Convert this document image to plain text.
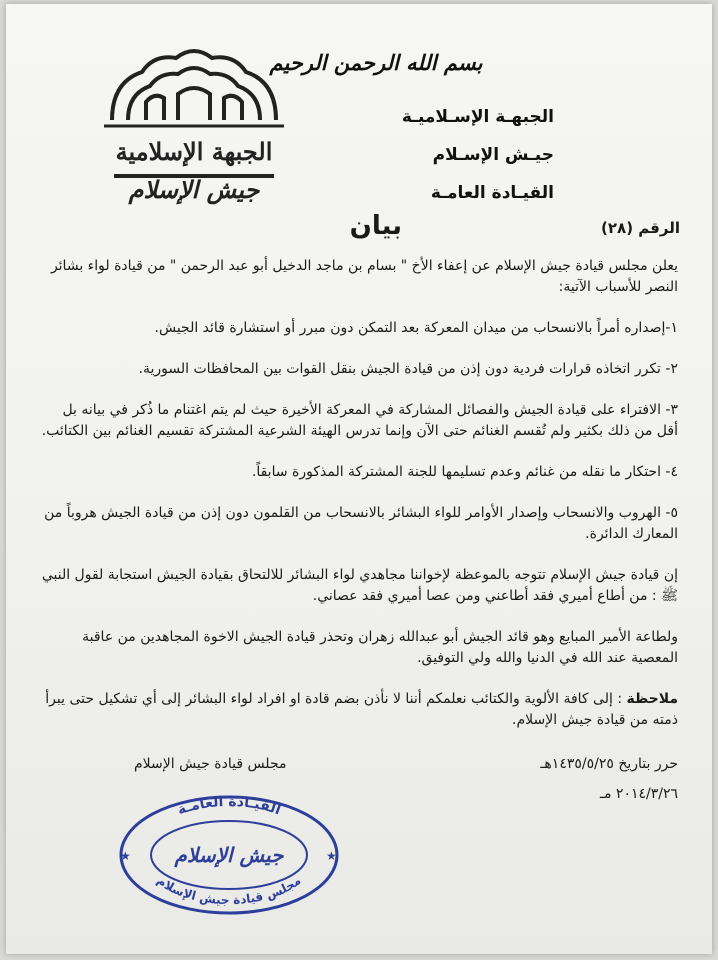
بسم الله الرحمن الرحيم
الجبهـة الإسـلاميـة
جيـش الإسـلام
القيـادة العامـة
الجبهة الإسلامية
جيش الإسلام
الرقم (٢٨)
بيان

يعلن مجلس قيادة جيش الإسلام عن إعفاء الأخ " بسام بن ماجد الدخيل أبو عبد الرحمن " من قيادة لواء بشائر النصر للأسباب الآتية:

١-إصداره أمراً بالانسحاب من ميدان المعركة بعد التمكن دون مبرر أو استشارة قائد الجيش.

٢- تكرر اتخاذه قرارات فردية دون إذن من قيادة الجيش بنقل القوات بين المحافظات السورية.

٣- الافتراء على قيادة الجيش والفصائل المشاركة في المعركة الأخيرة حيث لم يتم اغتنام ما ذُكر في بيانه بل أقل من ذلك بكثير ولم تُقسم الغنائم حتى الآن وإنما تدرس الهيئة الشرعية المشتركة تقسيم الغنائم بين الكتائب.

٤- احتكار ما نقله من غنائم وعدم تسليمها للجنة المشتركة المذكورة سابقاً.

٥- الهروب والانسحاب وإصدار الأوامر للواء البشائر بالانسحاب من القلمون دون إذن من قيادة الجيش هروباً من المعارك الدائرة.

إن قيادة جيش الإسلام تتوجه بالموعظة لإخواننا مجاهدي لواء البشائر للالتحاق بقيادة الجيش استجابة لقول النبي ﷺ : من أطاع أميري فقد أطاعني ومن عصا أميري فقد عصاني.

ولطاعة الأمير المبايع وهو قائد الجيش أبو عبدالله زهران وتحذر قيادة الجيش الاخوة المجاهدين من عاقبة المعصية عند الله في الدنيا والله ولي التوفيق.

ملاحظة : إلى كافة الألوية والكتائب نعلمكم أننا لا نأذن بضم قادة او افراد لواء البشائر إلى أي تشكيل حتى يبرأ ذمته من قيادة جيش الإسلام.

حرر بتاريخ ١٤٣٥/٥/٢٥هـ
٢٠١٤/٣/٢٦ مـ
مجلس قيادة جيش الإسلام
القيـادة العامـة
جيش الإسلام
مجلس قيادة جيش الإسلام
★	★
